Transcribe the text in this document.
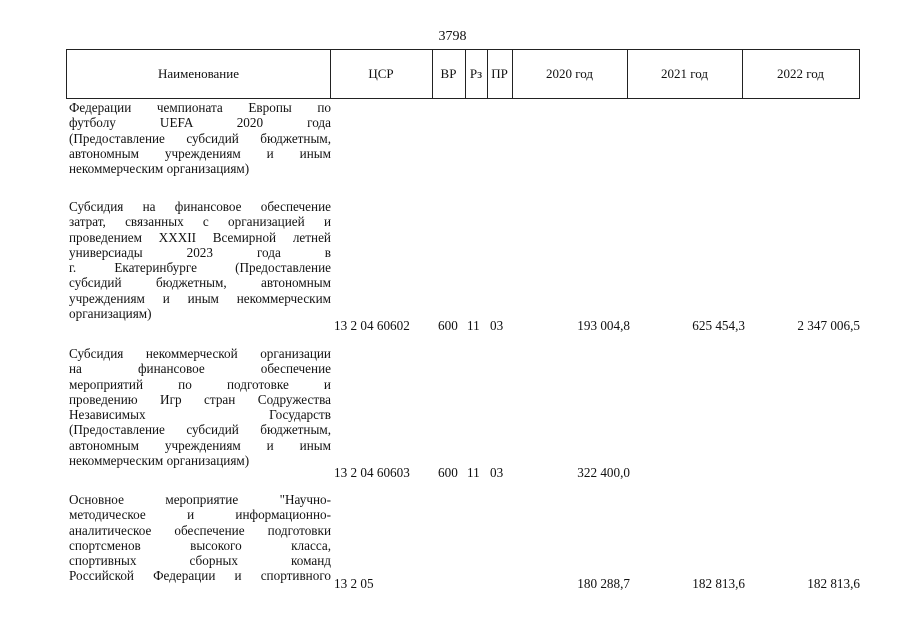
3798
Наименование	ЦСР	ВР	Рз ПР	2020 год	2021 год	2022 год
Федерации чемпионата Европы по
футболу UEFA 2020 года
(Предоставление субсидий бюджетным,
автономным учреждениям и иным
некоммерческим организациям)
Субсидия на финансовое обеспечение
затрат, связанных с организацией и
проведением XXXII Всемирной летней
универсиады 2023 года в
г. Екатеринбурге (Предоставление
субсидий бюджетным, автономным
учреждениям и иным некоммерческим
организациям)
13 2 04 60602 600 11 03	193 004,8	625 454,3	2 347 006,5
Субсидия некоммерческой организации
на финансовое обеспечение
мероприятий по подготовке и
проведению Игр стран Содружества
Независимых Государств
(Предоставление субсидий бюджетным,
автономным учреждениям и иным
некоммерческим организациям)
13 2 04 60603 600 11 03	322 400,0
Основное мероприятие "Научно-
методическое и информационно-
аналитическое обеспечение подготовки
спортсменов высокого класса,
спортивных сборных команд
Российской Федерации и спортивного
13 2 05	180 288,7	182 813,6	182 813,6
